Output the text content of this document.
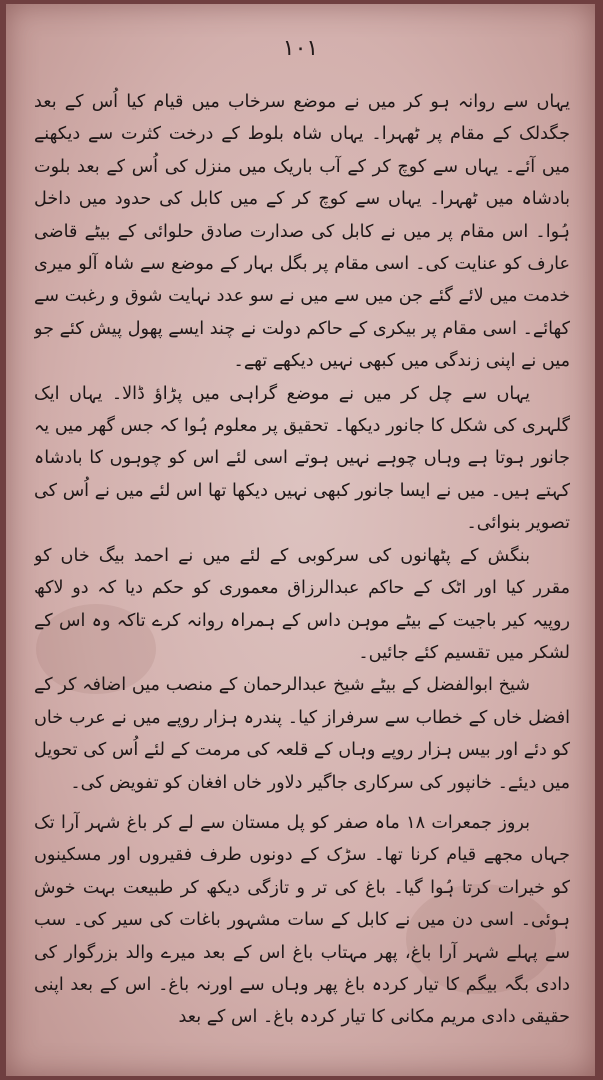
١٠١

یہاں سے روانہ ہو کر میں نے موضع سرخاب میں قیام کیا اُس کے بعد جگدلک کے مقام پر ٹھہرا۔ یہاں شاہ بلوط کے درخت کثرت سے دیکھنے میں آئے۔ یہاں سے کوچ کر کے آب باریک میں منزل کی اُس کے بعد بلوت بادشاہ میں ٹھہرا۔ یہاں سے کوچ کر کے میں کابل کی حدود میں داخل ہُوا۔ اس مقام پر میں نے کابل کی صدارت صادق حلوائی کے بیٹے قاضی عارف کو عنایت کی۔ اسی مقام پر بگل بہار کے موضع سے شاہ آلو میری خدمت میں لائے گئے جن میں سے میں نے سو عدد نہایت شوق و رغبت سے کھائے۔ اسی مقام پر بیکری کے حاکم دولت نے چند ایسے پھول پیش کئے جو میں نے اپنی زندگی میں کبھی نہیں دیکھے تھے۔

یہاں سے چل کر میں نے موضع گراہی میں پڑاؤ ڈالا۔ یہاں ایک گلہری کی شکل کا جانور دیکھا۔ تحقیق پر معلوم ہُوا کہ جس گھر میں یہ جانور ہوتا ہے وہاں چوہے نہیں ہوتے اسی لئے اس کو چوہوں کا بادشاہ کہتے ہیں۔ میں نے ایسا جانور کبھی نہیں دیکھا تھا اس لئے میں نے اُس کی تصویر بنوائی۔

بنگش کے پٹھانوں کی سرکوبی کے لئے میں نے احمد بیگ خاں کو مقرر کیا اور اٹک کے حاکم عبدالرزاق معموری کو حکم دیا کہ دو لاکھ روپیہ کیر باجیت کے بیٹے موہن داس کے ہمراہ روانہ کرے تاکہ وہ اس کے لشکر میں تقسیم کئے جائیں۔

شیخ ابوالفضل کے بیٹے شیخ عبدالرحمان کے منصب میں اضافہ کر کے افضل خاں کے خطاب سے سرفراز کیا۔ پندرہ ہزار روپے میں نے عرب خاں کو دئے اور بیس ہزار روپے وہاں کے قلعہ کی مرمت کے لئے اُس کی تحویل میں دیئے۔ خانپور کی سرکاری جاگیر دلاور خاں افغان کو تفویض کی۔

بروز جمعرات ۱۸ ماہ صفر کو پل مستان سے لے کر باغ شہر آرا تک جہاں مجھے قیام کرنا تھا۔ سڑک کے دونوں طرف فقیروں اور مسکینوں کو خیرات کرتا ہُوا گیا۔ باغ کی تر و تازگی دیکھ کر طبیعت بہت خوش ہوئی۔ اسی دن میں نے کابل کے سات مشہور باغات کی سیر کی۔ سب سے پہلے شہر آرا باغ، پھر مہتاب باغ اس کے بعد میرے والد بزرگوار کی دادی بگہ بیگم کا تیار کردہ باغ پھر وہاں سے اورنہ باغ۔ اس کے بعد اپنی حقیقی دادی مریم مکانی کا تیار کردہ باغ۔ اس کے بعد
